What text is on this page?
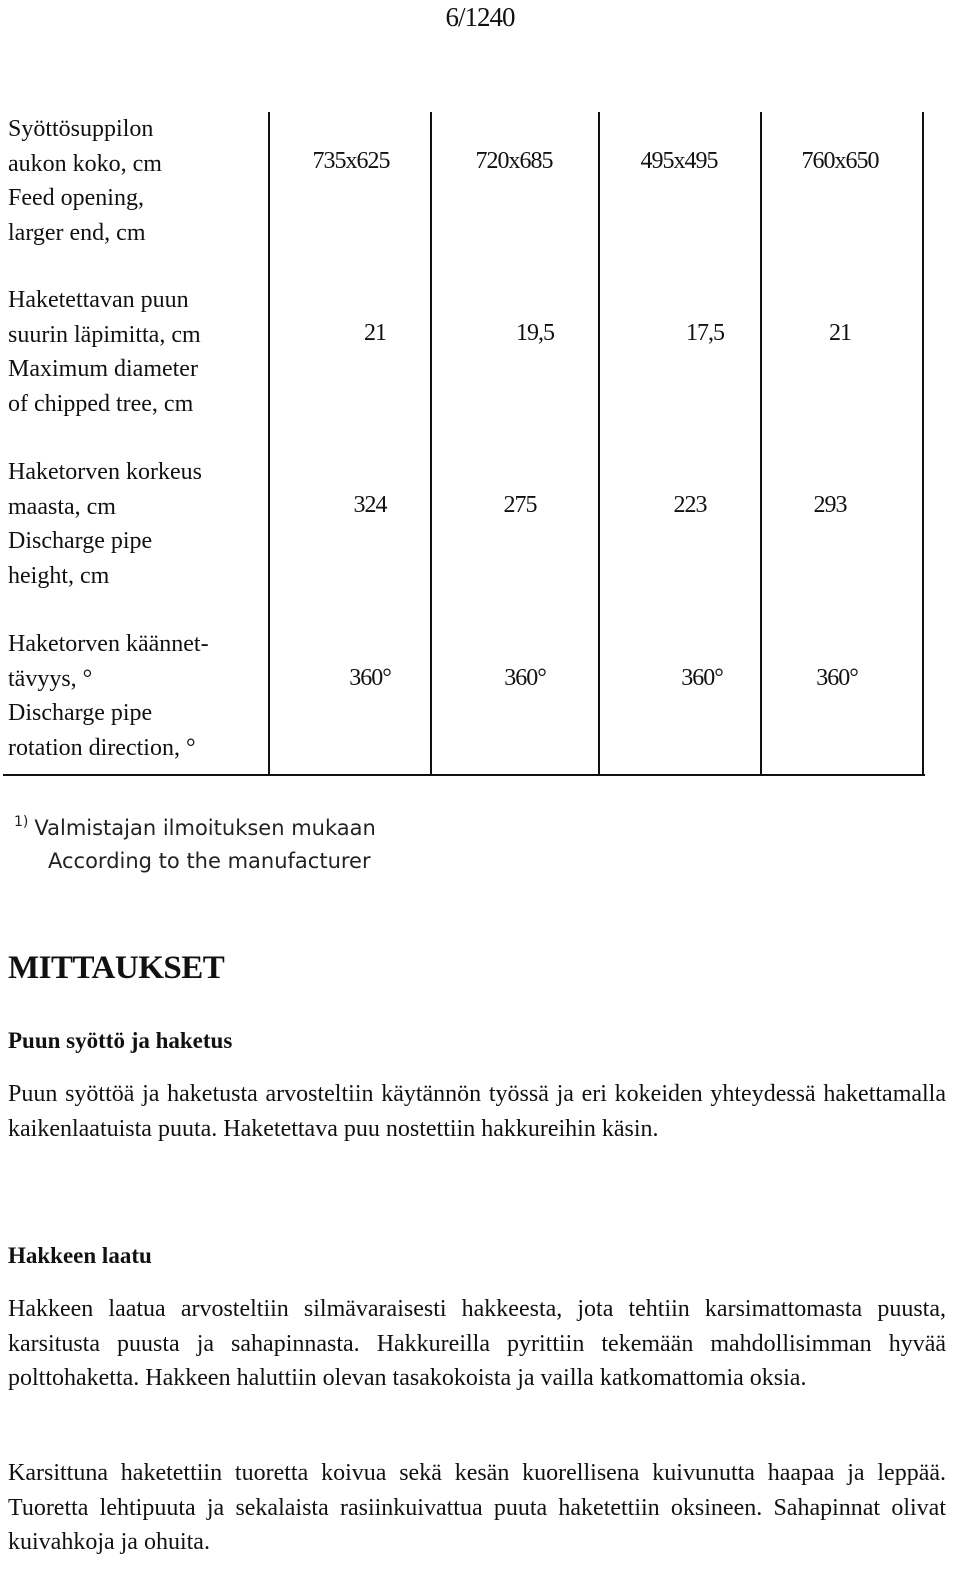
6/1240
Syöttösuppilon
aukon koko, cm
Feed opening,
larger end, cm
735x625	720x685	495x495	760x650
Haketettavan puun
suurin läpimitta, cm
Maximum diameter
of chipped tree, cm
21	19,5	17,5	21
Haketorven korkeus
maasta, cm
Discharge pipe
height, cm
324	275	223	293
Haketorven käännet-
tävyys, °
Discharge pipe
rotation direction, °
360°	360°	360°	360°
$^{1)}$ Valmistajan ilmoituksen mukaan
According to the manufacturer
MITTAUKSET
Puun syöttö ja haketus
Puun syöttöä ja haketusta arvosteltiin käytännön työssä ja eri kokeiden yhteydessä hakettamalla kaikenlaatuista puuta. Haketettava puu nostettiin hakkureihin käsin.
Hakkeen laatu
Hakkeen laatua arvosteltiin silmävaraisesti hakkeesta, jota tehtiin karsimattomasta puusta, karsitusta puusta ja sahapinnasta. Hakkureilla pyrittiin tekemään mahdollisimman hyvää polttohaketta. Hakkeen haluttiin olevan tasakokoista ja vailla katkomattomia oksia.
Karsittuna haketettiin tuoretta koivua sekä kesän kuorellisena kuivunutta haapaa ja leppää. Tuoretta lehtipuuta ja sekalaista rasiinkuivattua puuta haketettiin oksineen. Sahapinnat olivat kuivahkoja ja ohuita.
